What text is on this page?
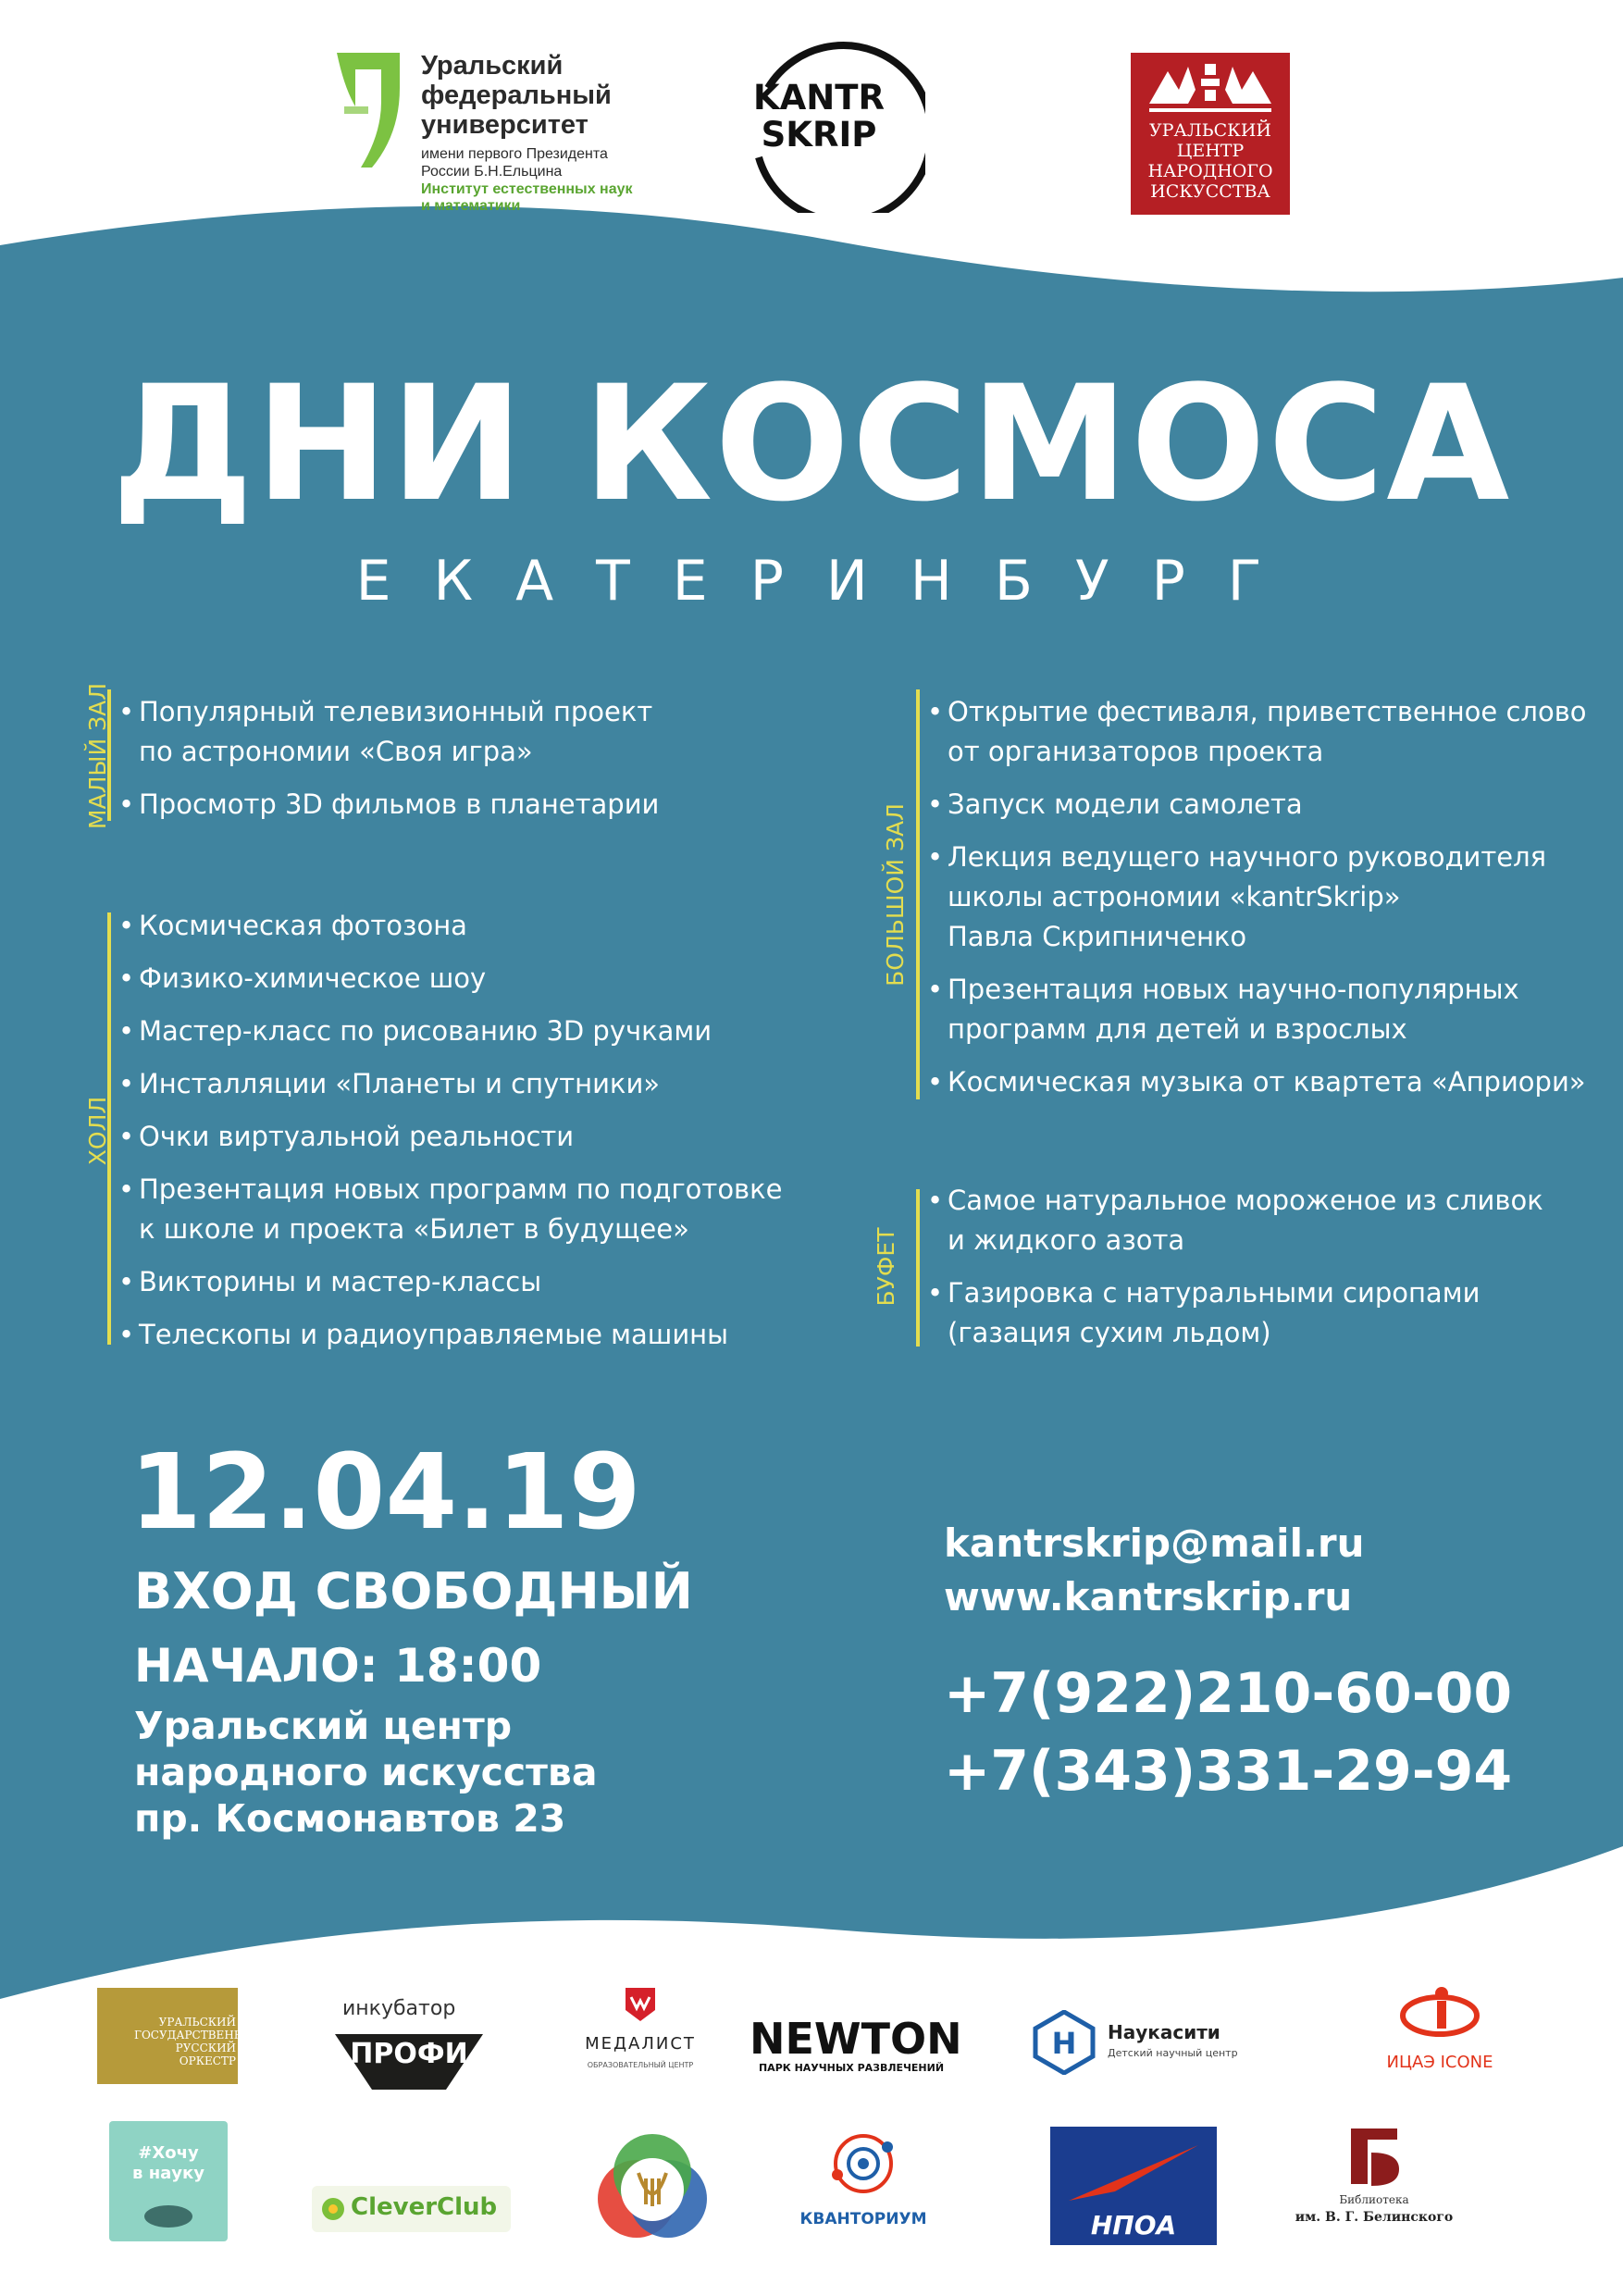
Уральский
федеральный
университет
имени первого Президента
России Б.Н.Ельцина
Институт естественных наук
и математики
KANTR
SKRIP	УРАЛЬСКИЙ
ЦЕНТР
НАРОДНОГО
ИСКУССТВА
ДНИ КОСМОСА
ЕКАТЕРИНБУРГ
МАЛЫЙ ЗАЛ
•	Популярный телевизионный проект
по астрономии «Своя игра»
• Просмотр 3D фильмов в планетарии
ХОЛЛ
• Космическая фотозона
• Физико-химическое шоу
• Мастер-класс по рисованию 3D ручками
• Инсталляции «Планеты и спутники»
• Очки виртуальной реальности
• Презентация новых программ по подготовке
к школе и проекта «Билет в будущее»
• Викторины и мастер-классы
• Телескопы и радиоуправляемые машины
БОЛЬШОЙ ЗАЛ
• Открытие фестиваля, приветственное слово
от организаторов проекта
• Запуск модели самолета
• Лекция ведущего научного руководителя
школы астрономии «kantrSkrip»
Павла Скрипниченко
• Презентация новых научно-популярных
программ для детей и взрослых
• Космическая музыка от квартета «Априори»
БУФЕТ
• Самое натуральное мороженое из сливок
и жидкого азота
• Газировка с натуральными сиропами
(газация сухим льдом)
12.04.19
ВХОД СВОБОДНЫЙ
НАЧАЛО: 18:00
Уральский центр
народного искусства
пр. Космонавтов 23
kantrskrip@mail.ru
www.kantrskrip.ru
+7(922)210-60-00
+7(343)331-29-94
УРАЛЬСКИЙ
ГОСУДАРСТВЕННЫЙ
РУССКИЙ
ОРКЕСТР
инкубатор
ПРОФИ	МЕДАЛИСТ
ОБРАЗОВАТЕЛЬНЫЙ ЦЕНТР
NEWTON
ПАРК НАУЧНЫХ РАЗВЛЕЧЕНИЙ
H Наукасити
Детский научный центр	ИЦАЭ ICONE
#Хочу
в науку
CleverClub	КВАНТОРИУМ	НПОА
Библиотека
им. В. Г. Белинского
